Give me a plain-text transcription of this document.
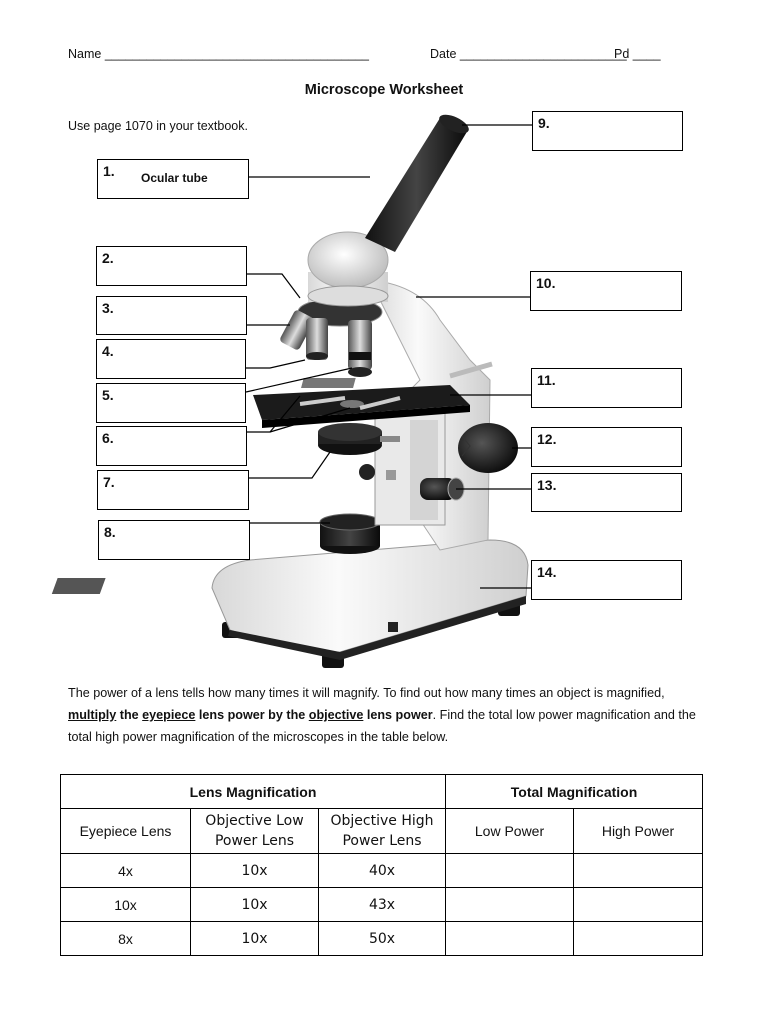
Name ______________________________________	Date ________________________
Pd ____
Microscope Worksheet
Use page 1070 in your textbook.
1. Ocular tube
2.
3.
4.
5.
6.
7.
8.
9.
10.
11.
12.
13.
14.
The power of a lens tells how many times it will magnify. To find out how many times an object is magnified, multiply the eyepiece lens power by the objective lens power. Find the total low power magnification and the total high power magnification of the microscopes in the table below.
Lens Magnification			Total Magnification	
Eyepiece Lens	Objective Low Power Lens	Objective High Power Lens	Low Power	High Power
4x	10x	40x		
10x	10x	43x		
8x	10x	50x		
